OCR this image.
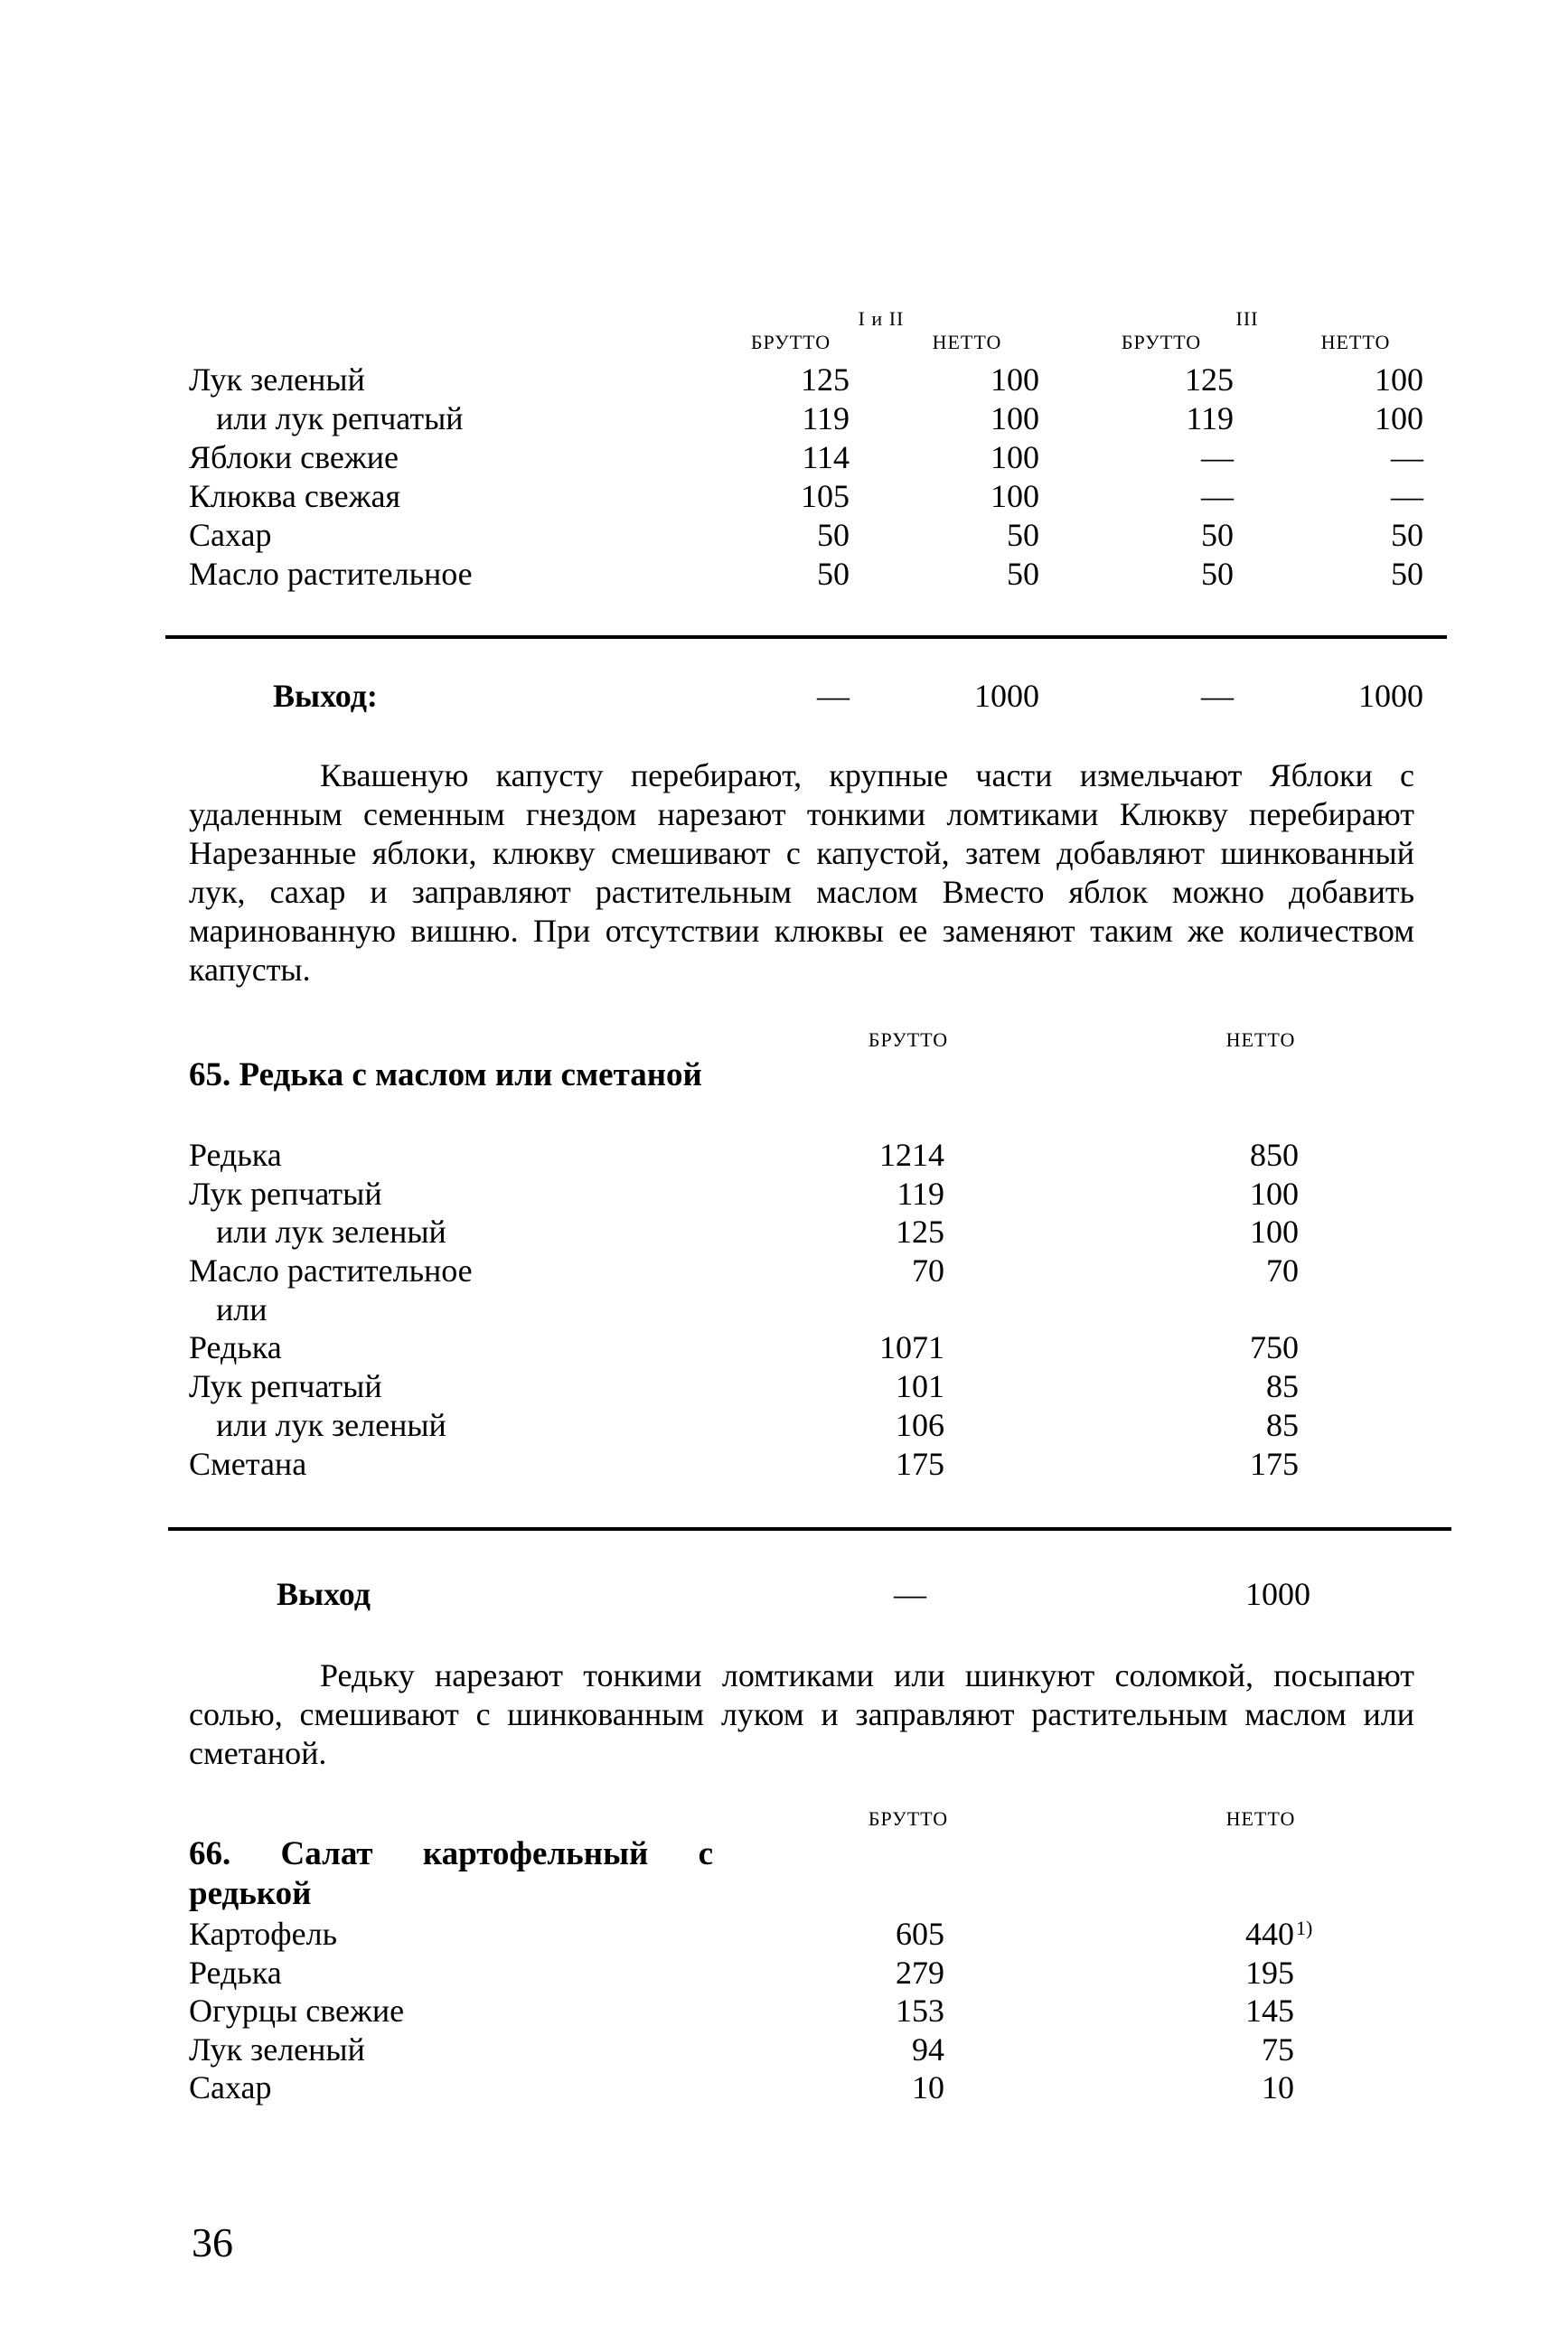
I и II	III
БРУТТО	НЕТТО	БРУТТО	НЕТТО
Лук зеленый	125	100	125	100
или лук репчатый	119	100	119	100
Яблоки свежие	114	100	—	—
Клюква свежая	105	100	—	—
Сахар	50	50	50	50
Масло растительное	50	50	50	50
Выход:	—	1000	—	1000
Квашеную капусту перебирают, крупные части измельчают Яблоки с удаленным семенным гнездом нарезают тонкими ломтиками Клюкву перебирают Нарезанные яблоки, клюкву смешивают с капустой, затем добавляют шинкованный лук, сахар и заправляют растительным маслом Вместо яблок можно добавить маринованную вишню. При отсутствии клюквы ее заменяют таким же количеством капусты.
БРУТТО	НЕТТО
65. Редька с маслом или сметаной
Редька	1214	850
Лук репчатый	119	100
или лук зеленый	125	100
Масло растительное	70	70
или
Редька	1071	750
Лук репчатый	101	85
или лук зеленый	106	85
Сметана	175	175
Выход	—	1000
Редьку нарезают тонкими ломтиками или шинкуют соломкой, посыпают солью, смешивают с шинкованным луком и заправляют растительным маслом или сметаной.
БРУТТО	НЕТТО
66. Салат картофельный с редькой
Картофель	605	440 1)
Редька	279	195
Огурцы свежие	153	145
Лук зеленый	94	75
Сахар	10	10
36
